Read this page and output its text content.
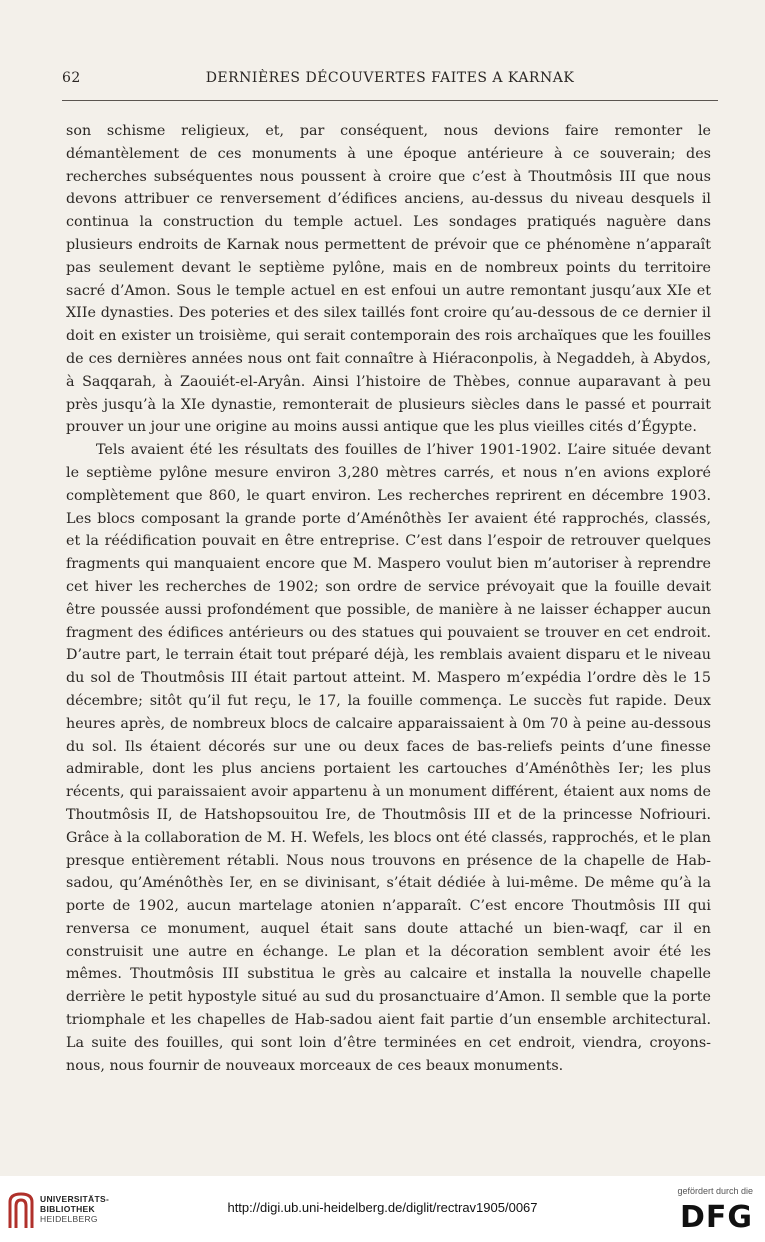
62	DERNIÈRES DÉCOUVERTES FAITES A KARNAK

son schisme religieux, et, par conséquent, nous devions faire remonter le démantèlement de ces monuments à une époque antérieure à ce souverain; des recherches subséquentes nous poussent à croire que c’est à Thoutmôsis III que nous devons attribuer ce renversement d’édifices anciens, au-dessus du niveau desquels il continua la construction du temple actuel. Les sondages pratiqués naguère dans plusieurs endroits de Karnak nous permettent de prévoir que ce phénomène n’apparaît pas seulement devant le septième pylône, mais en de nombreux points du territoire sacré d’Amon. Sous le temple actuel en est enfoui un autre remontant jusqu’aux XIe et XIIe dynasties. Des poteries et des silex taillés font croire qu’au-dessous de ce dernier il doit en exister un troisième, qui serait contemporain des rois archaïques que les fouilles de ces dernières années nous ont fait connaître à Hiéraconpolis, à Negaddeh, à Abydos, à Saqqarah, à Zaouiét-el-Aryân. Ainsi l’histoire de Thèbes, connue auparavant à peu près jusqu’à la XIe dynastie, remonterait de plusieurs siècles dans le passé et pourrait prouver un jour une origine au moins aussi antique que les plus vieilles cités d’Égypte.

Tels avaient été les résultats des fouilles de l’hiver 1901-1902. L’aire située devant le septième pylône mesure environ 3,280 mètres carrés, et nous n’en avions exploré complètement que 860, le quart environ. Les recherches reprirent en décembre 1903. Les blocs composant la grande porte d’Aménôthès Ier avaient été rapprochés, classés, et la réédification pouvait en être entreprise. C’est dans l’espoir de retrouver quelques fragments qui manquaient encore que M. Maspero voulut bien m’autoriser à reprendre cet hiver les recherches de 1902; son ordre de service prévoyait que la fouille devait être poussée aussi profondément que possible, de manière à ne laisser échapper aucun fragment des édifices antérieurs ou des statues qui pouvaient se trouver en cet endroit. D’autre part, le terrain était tout préparé déjà, les remblais avaient disparu et le niveau du sol de Thoutmôsis III était partout atteint. M. Maspero m’expédia l’ordre dès le 15 décembre; sitôt qu’il fut reçu, le 17, la fouille commença. Le succès fut rapide. Deux heures après, de nombreux blocs de calcaire apparaissaient à 0m 70 à peine au-dessous du sol. Ils étaient décorés sur une ou deux faces de bas-reliefs peints d’une finesse admirable, dont les plus anciens portaient les cartouches d’Aménôthès Ier; les plus récents, qui paraissaient avoir appartenu à un monument différent, étaient aux noms de Thoutmôsis II, de Hatshopsouitou Ire, de Thoutmôsis III et de la princesse Nofriouri. Grâce à la collaboration de M. H. Wefels, les blocs ont été classés, rapprochés, et le plan presque entièrement rétabli. Nous nous trouvons en présence de la chapelle de Hab-sadou, qu’Aménôthès Ier, en se divinisant, s’était dédiée à lui-même. De même qu’à la porte de 1902, aucun martelage atonien n’apparaît. C’est encore Thoutmôsis III qui renversa ce monument, auquel était sans doute attaché un bien-waqf, car il en construisit une autre en échange. Le plan et la décoration semblent avoir été les mêmes. Thoutmôsis III substitua le grès au calcaire et installa la nouvelle chapelle derrière le petit hypostyle situé au sud du prosanctuaire d’Amon. Il semble que la porte triomphale et les chapelles de Hab-sadou aient fait partie d’un ensemble architectural. La suite des fouilles, qui sont loin d’être terminées en cet endroit, viendra, croyons-nous, nous fournir de nouveaux morceaux de ces beaux monuments.

UNIVERSITÄTS-
BIBLIOTHEK
HEIDELBERG
http://digi.ub.uni-heidelberg.de/diglit/rectrav1905/0067
gefördert durch die
DFG
